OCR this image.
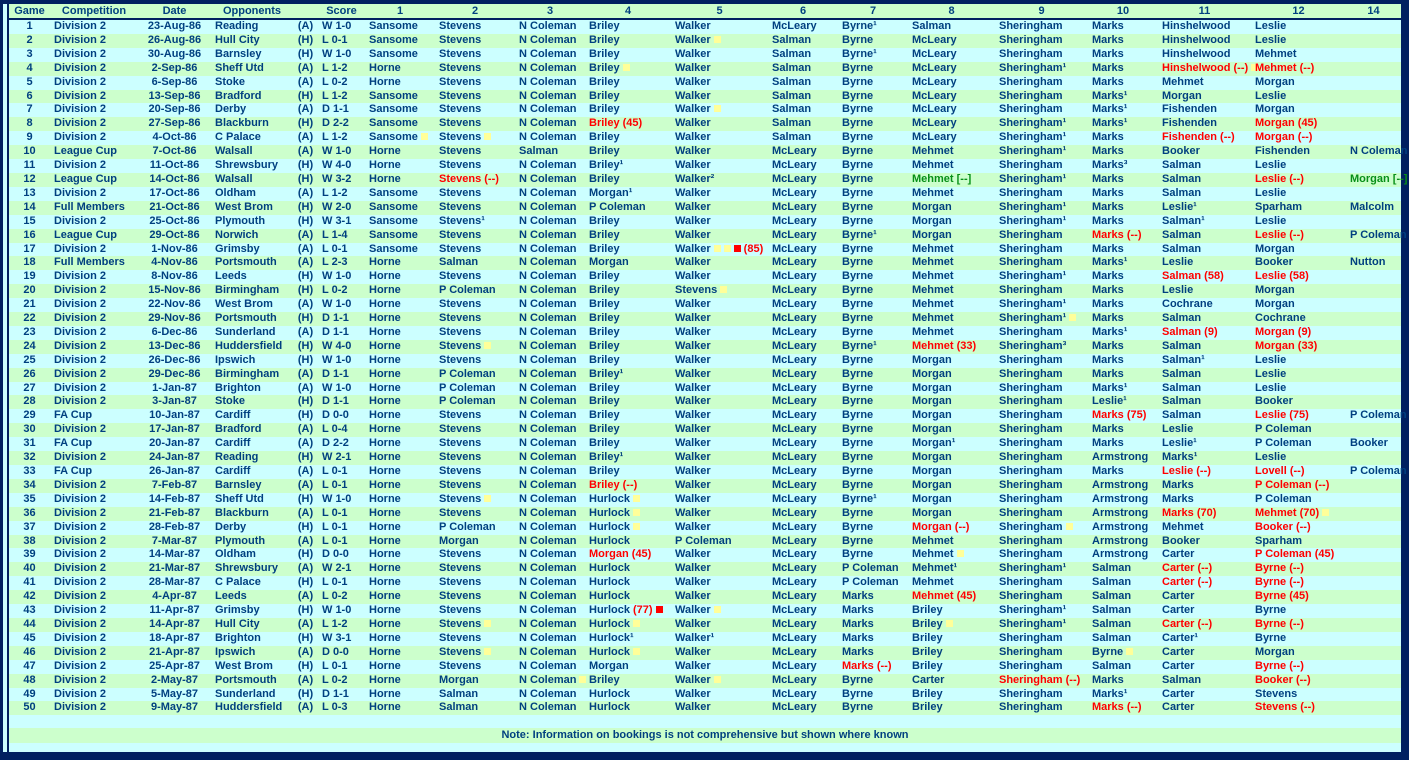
Game	Competition	Date	Opponents		Score	1	2	3	4	5	6	7	8	9	10	11	12	14
1	Division 2	23-Aug-86	Reading	(A)	W 1-0	Sansome	Stevens	N Coleman	Briley	Walker	McLeary	Byrne¹	Salman	Sheringham	Marks	Hinshelwood	Leslie	
2	Division 2	26-Aug-86	Hull City	(H)	L 0-1	Sansome	Stevens	N Coleman	Briley	Walker	Salman	Byrne	McLeary	Sheringham	Marks	Hinshelwood	Leslie	
3	Division 2	30-Aug-86	Barnsley	(H)	W 1-0	Sansome	Stevens	N Coleman	Briley	Walker	Salman	Byrne¹	McLeary	Sheringham	Marks	Hinshelwood	Mehmet	
4	Division 2	2-Sep-86	Sheff Utd	(A)	L 1-2	Horne	Stevens	N Coleman	Briley	Walker	Salman	Byrne	McLeary	Sheringham¹	Marks	Hinshelwood (--)	Mehmet (--)	
5	Division 2	6-Sep-86	Stoke	(A)	L 0-2	Horne	Stevens	N Coleman	Briley	Walker	Salman	Byrne	McLeary	Sheringham	Marks	Mehmet	Morgan	
6	Division 2	13-Sep-86	Bradford	(H)	L 1-2	Sansome	Stevens	N Coleman	Briley	Walker	Salman	Byrne	McLeary	Sheringham	Marks¹	Morgan	Leslie	
7	Division 2	20-Sep-86	Derby	(A)	D 1-1	Sansome	Stevens	N Coleman	Briley	Walker	Salman	Byrne	McLeary	Sheringham	Marks¹	Fishenden	Morgan	
8	Division 2	27-Sep-86	Blackburn	(H)	D 2-2	Sansome	Stevens	N Coleman	Briley (45)	Walker	Salman	Byrne	McLeary	Sheringham¹	Marks¹	Fishenden	Morgan (45)	
9	Division 2	4-Oct-86	C Palace	(A)	L 1-2	Sansome	Stevens	N Coleman	Briley	Walker	Salman	Byrne	McLeary	Sheringham¹	Marks	Fishenden (--)	Morgan (--)	
10	League Cup	7-Oct-86	Walsall	(A)	W 1-0	Horne	Stevens	Salman	Briley	Walker	McLeary	Byrne	Mehmet	Sheringham¹	Marks	Booker	Fishenden	N Coleman
11	Division 2	11-Oct-86	Shrewsbury	(H)	W 4-0	Horne	Stevens	N Coleman	Briley¹	Walker	McLeary	Byrne	Mehmet	Sheringham	Marks³	Salman	Leslie	
12	League Cup	14-Oct-86	Walsall	(H)	W 3-2	Horne	Stevens (--)	N Coleman	Briley	Walker²	McLeary	Byrne	Mehmet [--]	Sheringham¹	Marks	Salman	Leslie (--)	Morgan [--]
13	Division 2	17-Oct-86	Oldham	(A)	L 1-2	Sansome	Stevens	N Coleman	Morgan¹	Walker	McLeary	Byrne	Mehmet	Sheringham	Marks	Salman	Leslie	
14	Full Members	21-Oct-86	West Brom	(H)	W 2-0	Sansome	Stevens	N Coleman	P Coleman	Walker	McLeary	Byrne	Morgan	Sheringham¹	Marks	Leslie¹	Sparham	Malcolm
15	Division 2	25-Oct-86	Plymouth	(H)	W 3-1	Sansome	Stevens¹	N Coleman	Briley	Walker	McLeary	Byrne	Morgan	Sheringham¹	Marks	Salman¹	Leslie	
16	League Cup	29-Oct-86	Norwich	(A)	L 1-4	Sansome	Stevens	N Coleman	Briley	Walker	McLeary	Byrne¹	Morgan	Sheringham	Marks (--)	Salman	Leslie (--)	P Coleman
17	Division 2	1-Nov-86	Grimsby	(A)	L 0-1	Sansome	Stevens	N Coleman	Briley	Walker (85)	McLeary	Byrne	Mehmet	Sheringham	Marks	Salman	Morgan	
18	Full Members	4-Nov-86	Portsmouth	(A)	L 2-3	Horne	Salman	N Coleman	Morgan	Walker	McLeary	Byrne	Mehmet	Sheringham	Marks¹	Leslie	Booker	Nutton
19	Division 2	8-Nov-86	Leeds	(H)	W 1-0	Horne	Stevens	N Coleman	Briley	Walker	McLeary	Byrne	Mehmet	Sheringham¹	Marks	Salman (58)	Leslie (58)	
20	Division 2	15-Nov-86	Birmingham	(H)	L 0-2	Horne	P Coleman	N Coleman	Briley	Stevens	McLeary	Byrne	Mehmet	Sheringham	Marks	Leslie	Morgan	
21	Division 2	22-Nov-86	West Brom	(A)	W 1-0	Horne	Stevens	N Coleman	Briley	Walker	McLeary	Byrne	Mehmet	Sheringham¹	Marks	Cochrane	Morgan	
22	Division 2	29-Nov-86	Portsmouth	(H)	D 1-1	Horne	Stevens	N Coleman	Briley	Walker	McLeary	Byrne	Mehmet	Sheringham¹	Marks	Salman	Cochrane	
23	Division 2	6-Dec-86	Sunderland	(A)	D 1-1	Horne	Stevens	N Coleman	Briley	Walker	McLeary	Byrne	Mehmet	Sheringham	Marks¹	Salman (9)	Morgan (9)	
24	Division 2	13-Dec-86	Huddersfield	(H)	W 4-0	Horne	Stevens	N Coleman	Briley	Walker	McLeary	Byrne¹	Mehmet (33)	Sheringham³	Marks	Salman	Morgan (33)	
25	Division 2	26-Dec-86	Ipswich	(H)	W 1-0	Horne	Stevens	N Coleman	Briley	Walker	McLeary	Byrne	Morgan	Sheringham	Marks	Salman¹	Leslie	
26	Division 2	29-Dec-86	Birmingham	(A)	D 1-1	Horne	P Coleman	N Coleman	Briley¹	Walker	McLeary	Byrne	Morgan	Sheringham	Marks	Salman	Leslie	
27	Division 2	1-Jan-87	Brighton	(A)	W 1-0	Horne	P Coleman	N Coleman	Briley	Walker	McLeary	Byrne	Morgan	Sheringham	Marks¹	Salman	Leslie	
28	Division 2	3-Jan-87	Stoke	(H)	D 1-1	Horne	P Coleman	N Coleman	Briley	Walker	McLeary	Byrne	Morgan	Sheringham	Leslie¹	Salman	Booker	
29	FA Cup	10-Jan-87	Cardiff	(H)	D 0-0	Horne	Stevens	N Coleman	Briley	Walker	McLeary	Byrne	Morgan	Sheringham	Marks (75)	Salman	Leslie (75)	P Coleman
30	Division 2	17-Jan-87	Bradford	(A)	L 0-4	Horne	Stevens	N Coleman	Briley	Walker	McLeary	Byrne	Morgan	Sheringham	Marks	Leslie	P Coleman	
31	FA Cup	20-Jan-87	Cardiff	(A)	D 2-2	Horne	Stevens	N Coleman	Briley	Walker	McLeary	Byrne	Morgan¹	Sheringham	Marks	Leslie¹	P Coleman	Booker
32	Division 2	24-Jan-87	Reading	(H)	W 2-1	Horne	Stevens	N Coleman	Briley¹	Walker	McLeary	Byrne	Morgan	Sheringham	Armstrong	Marks¹	Leslie	
33	FA Cup	26-Jan-87	Cardiff	(A)	L 0-1	Horne	Stevens	N Coleman	Briley	Walker	McLeary	Byrne	Morgan	Sheringham	Marks	Leslie (--)	Lovell (--)	P Coleman
34	Division 2	7-Feb-87	Barnsley	(A)	L 0-1	Horne	Stevens	N Coleman	Briley (--)	Walker	McLeary	Byrne	Morgan	Sheringham	Armstrong	Marks	P Coleman (--)	
35	Division 2	14-Feb-87	Sheff Utd	(H)	W 1-0	Horne	Stevens	N Coleman	Hurlock	Walker	McLeary	Byrne¹	Morgan	Sheringham	Armstrong	Marks	P Coleman	
36	Division 2	21-Feb-87	Blackburn	(A)	L 0-1	Horne	Stevens	N Coleman	Hurlock	Walker	McLeary	Byrne	Morgan	Sheringham	Armstrong	Marks (70)	Mehmet (70)	
37	Division 2	28-Feb-87	Derby	(H)	L 0-1	Horne	P Coleman	N Coleman	Hurlock	Walker	McLeary	Byrne	Morgan (--)	Sheringham	Armstrong	Mehmet	Booker (--)	
38	Division 2	7-Mar-87	Plymouth	(A)	L 0-1	Horne	Morgan	N Coleman	Hurlock	P Coleman	McLeary	Byrne	Mehmet	Sheringham	Armstrong	Booker	Sparham	
39	Division 2	14-Mar-87	Oldham	(H)	D 0-0	Horne	Stevens	N Coleman	Morgan (45)	Walker	McLeary	Byrne	Mehmet	Sheringham	Armstrong	Carter	P Coleman (45)	
40	Division 2	21-Mar-87	Shrewsbury	(A)	W 2-1	Horne	Stevens	N Coleman	Hurlock	Walker	McLeary	P Coleman	Mehmet¹	Sheringham¹	Salman	Carter (--)	Byrne (--)	
41	Division 2	28-Mar-87	C Palace	(H)	L 0-1	Horne	Stevens	N Coleman	Hurlock	Walker	McLeary	P Coleman	Mehmet	Sheringham	Salman	Carter (--)	Byrne (--)	
42	Division 2	4-Apr-87	Leeds	(A)	L 0-2	Horne	Stevens	N Coleman	Hurlock	Walker	McLeary	Marks	Mehmet (45)	Sheringham	Salman	Carter	Byrne (45)	
43	Division 2	11-Apr-87	Grimsby	(H)	W 1-0	Horne	Stevens	N Coleman	Hurlock (77)	Walker	McLeary	Marks	Briley	Sheringham¹	Salman	Carter	Byrne	
44	Division 2	14-Apr-87	Hull City	(A)	L 1-2	Horne	Stevens	N Coleman	Hurlock	Walker	McLeary	Marks	Briley	Sheringham¹	Salman	Carter (--)	Byrne (--)	
45	Division 2	18-Apr-87	Brighton	(H)	W 3-1	Horne	Stevens	N Coleman	Hurlock¹	Walker¹	McLeary	Marks	Briley	Sheringham	Salman	Carter¹	Byrne	
46	Division 2	21-Apr-87	Ipswich	(A)	D 0-0	Horne	Stevens	N Coleman	Hurlock	Walker	McLeary	Marks	Briley	Sheringham	Byrne	Carter	Morgan	
47	Division 2	25-Apr-87	West Brom	(H)	L 0-1	Horne	Stevens	N Coleman	Morgan	Walker	McLeary	Marks (--)	Briley	Sheringham	Salman	Carter	Byrne (--)	
48	Division 2	2-May-87	Portsmouth	(A)	L 0-2	Horne	Morgan	N Coleman	Briley	Walker	McLeary	Byrne	Carter	Sheringham (--)	Marks	Salman	Booker (--)	
49	Division 2	5-May-87	Sunderland	(H)	D 1-1	Horne	Salman	N Coleman	Hurlock	Walker	McLeary	Byrne	Briley	Sheringham	Marks¹	Carter	Stevens	
50	Division 2	9-May-87	Huddersfield	(A)	L 0-3	Horne	Salman	N Coleman	Hurlock	Walker	McLeary	Byrne	Briley	Sheringham	Marks (--)	Carter	Stevens (--)	
Note: Information on bookings is not comprehensive but shown where known
